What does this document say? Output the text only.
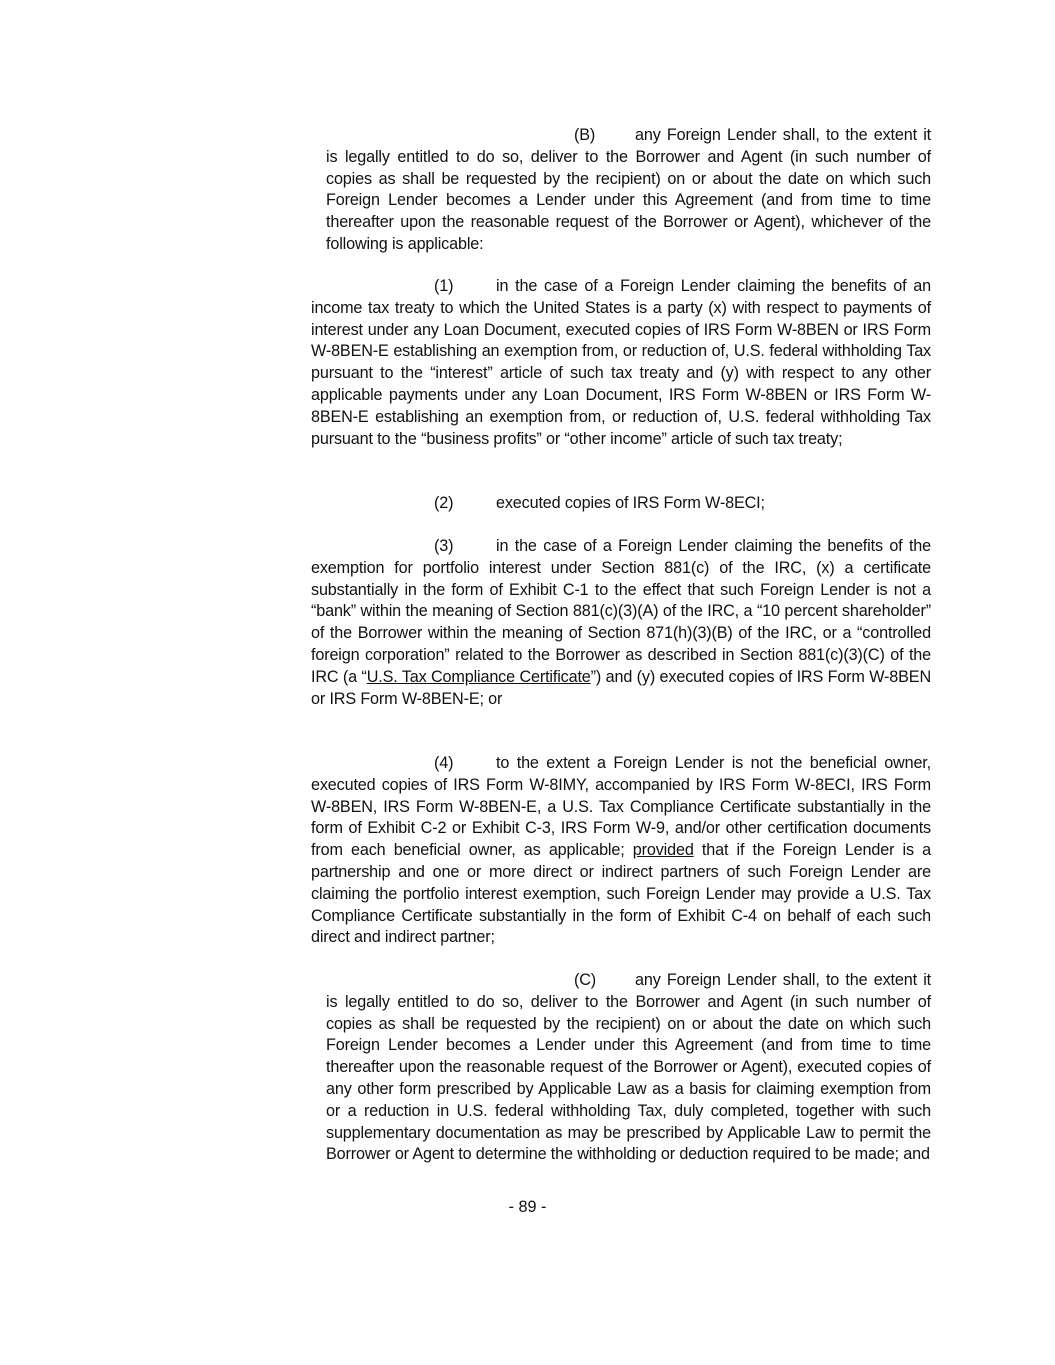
(B) any Foreign Lender shall, to the extent it is legally entitled to do so, deliver to the Borrower and Agent (in such number of copies as shall be requested by the recipient) on or about the date on which such Foreign Lender becomes a Lender under this Agreement (and from time to time thereafter upon the reasonable request of the Borrower or Agent), whichever of the following is applicable:

(1)	in the case of a Foreign Lender claiming the benefits of an income tax treaty to which the United States is a party (x) with respect to payments of interest under any Loan Document, executed copies of IRS Form W-8BEN or IRS Form W-8BEN-E establishing an exemption from, or reduction of, U.S. federal withholding Tax pursuant to the “interest” article of such tax treaty and (y) with respect to any other applicable payments under any Loan Document, IRS Form W-8BEN or IRS Form W-8BEN-E establishing an exemption from, or reduction of, U.S. federal withholding Tax pursuant to the “business profits” or “other income” article of such tax treaty;

(2)	executed copies of IRS Form W-8ECI;

(3)	in the case of a Foreign Lender claiming the benefits of the exemption for portfolio interest under Section 881(c) of the IRC, (x) a certificate substantially in the form of Exhibit C-1 to the effect that such Foreign Lender is not a “bank” within the meaning of Section 881(c)(3)(A) of the IRC, a “10 percent shareholder” of the Borrower within the meaning of Section 871(h)(3)(B) of the IRC, or a “controlled foreign corporation” related to the Borrower as described in Section 881(c)(3)(C) of the IRC (a “U.S. Tax Compliance Certificate”) and (y) executed copies of IRS Form W-8BEN or IRS Form W-8BEN-E; or

(4)	to the extent a Foreign Lender is not the beneficial owner, executed copies of IRS Form W-8IMY, accompanied by IRS Form W-8ECI, IRS Form W-8BEN, IRS Form W-8BEN-E, a U.S. Tax Compliance Certificate substantially in the form of Exhibit C-2 or Exhibit C-3, IRS Form W-9, and/or other certification documents from each beneficial owner, as applicable; provided that if the Foreign Lender is a partnership and one or more direct or indirect partners of such Foreign Lender are claiming the portfolio interest exemption, such Foreign Lender may provide a U.S. Tax Compliance Certificate substantially in the form of Exhibit C-4 on behalf of each such direct and indirect partner;

(C) any Foreign Lender shall, to the extent it is legally entitled to do so, deliver to the Borrower and Agent (in such number of copies as shall be requested by the recipient) on or about the date on which such Foreign Lender becomes a Lender under this Agreement (and from time to time thereafter upon the reasonable request of the Borrower or Agent), executed copies of any other form prescribed by Applicable Law as a basis for claiming exemption from or a reduction in U.S. federal withholding Tax, duly completed, together with such supplementary documentation as may be prescribed by Applicable Law to permit the Borrower or Agent to determine the withholding or deduction required to be made; and

- 89 -
